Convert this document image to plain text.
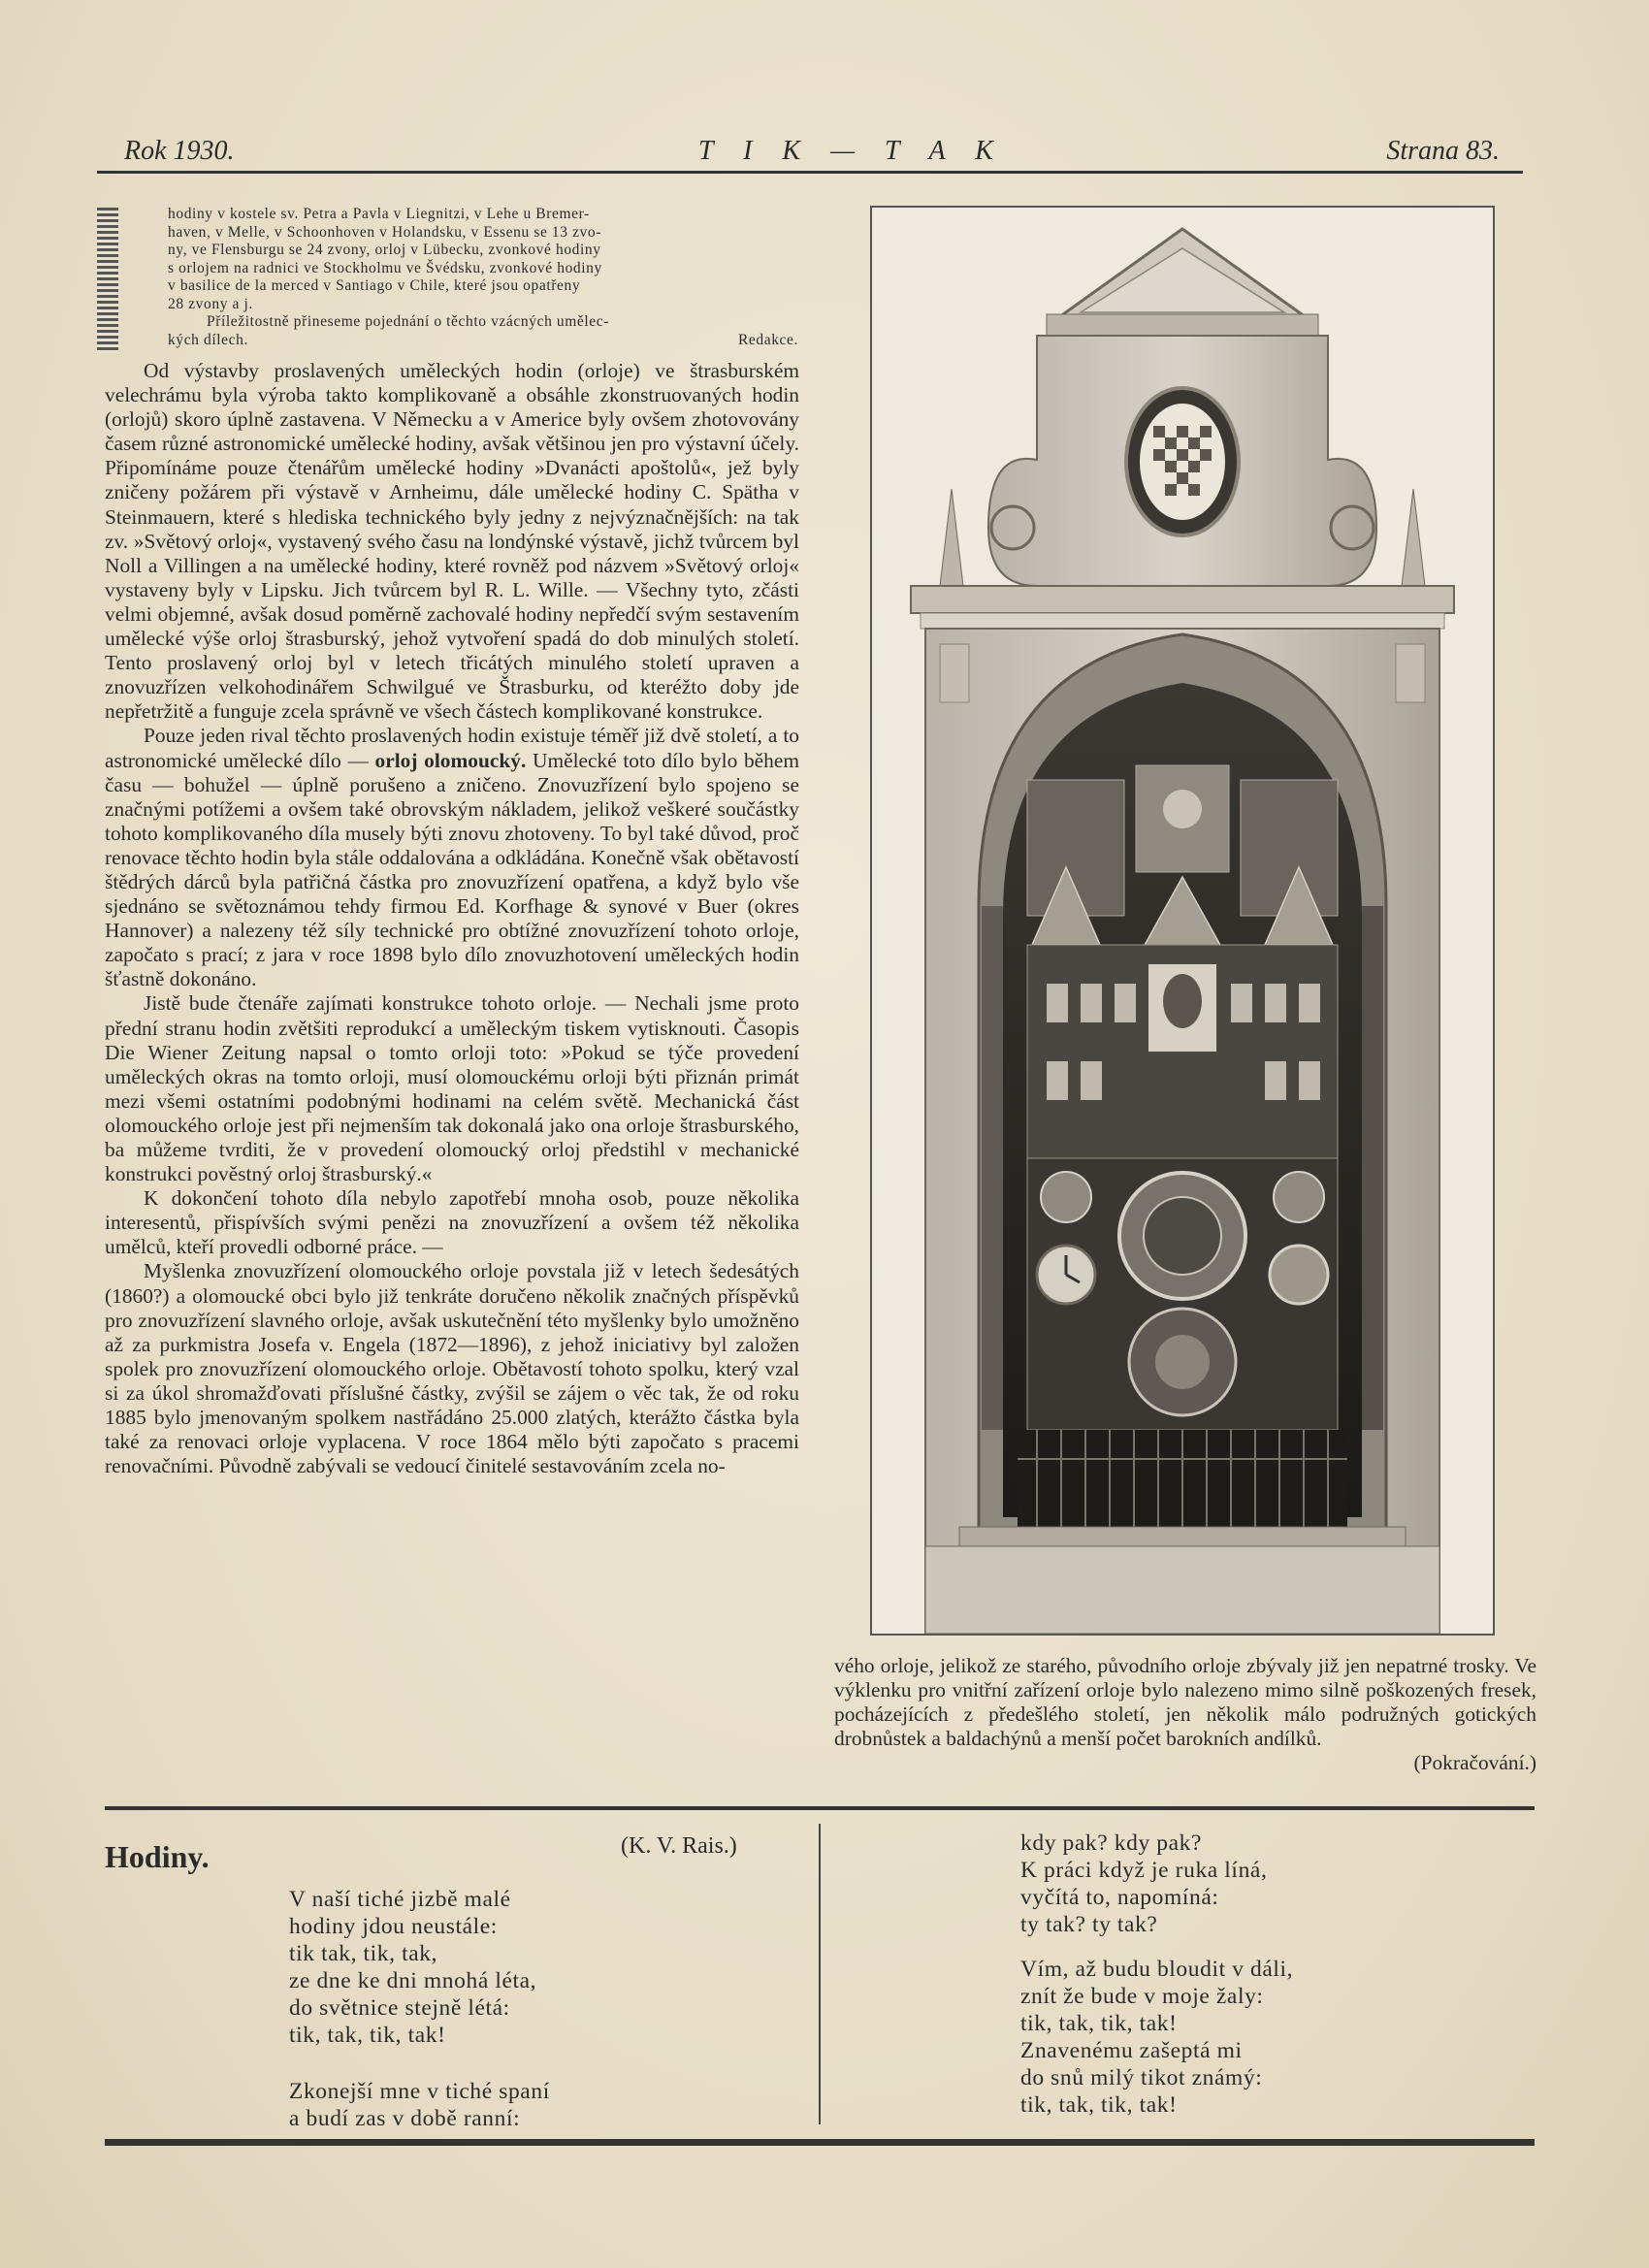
Rok 1930.	T I K — T A K	Strana 83.

hodiny v kostele sv. Petra a Pavla v Liegnitzi, v Lehe u Bremer-

haven, v Melle, v Schoonhoven v Holandsku, v Essenu se 13 zvo-

ny, ve Flensburgu se 24 zvony, orloj v Lübecku, zvonkové hodiny

s orlojem na radnici ve Stockholmu ve Švédsku, zvonkové hodiny

v basilice de la merced v Santiago v Chile, které jsou opatřeny

28 zvony a j.

Příležitostně přineseme pojednání o těchto vzácných umělec-

kých dílech.	Redakce.

Od výstavby proslavených uměleckých hodin (orloje) ve štrasburském velechrámu byla výroba takto komplikovaně a obsáhle zkonstruovaných hodin (orlojů) skoro úplně zastavena. V Německu a v Americe byly ovšem zhotovovány časem různé astronomické umělecké hodiny, avšak většinou jen pro výstavní účely. Připomínáme pouze čtenářům umělecké hodiny »Dvanácti apoštolů«, jež byly zničeny požárem při výstavě v Arnheimu, dále umělecké hodiny C. Spätha v Steinmauern, které s hlediska technického byly jedny z nejvýznačnějších: na tak zv. »Světový orloj«, vystavený svého času na londýnské výstavě, jichž tvůrcem byl Noll a Villingen a na umělecké hodiny, které rovněž pod názvem »Světový orloj« vystaveny byly v Lipsku. Jich tvůrcem byl R. L. Wille. — Všechny tyto, zčásti velmi objemné, avšak dosud poměrně zachovalé hodiny nepředčí svým sestavením umělecké výše orloj štrasburský, jehož vytvoření spadá do dob minulých století. Tento proslavený orloj byl v letech třicátých minulého století upraven a znovuzřízen velkohodinářem Schwilgué ve Štrasburku, od kteréžto doby jde nepřetržitě a funguje zcela správně ve všech částech komplikované konstrukce.

Pouze jeden rival těchto proslavených hodin existuje téměř již dvě století, a to astronomické umělecké dílo — orloj olomoucký. Umělecké toto dílo bylo během času — bohužel — úplně porušeno a zničeno. Znovuzřízení bylo spojeno se značnými potížemi a ovšem také obrovským nákladem, jelikož veškeré součástky tohoto komplikovaného díla musely býti znovu zhotoveny. To byl také důvod, proč renovace těchto hodin byla stále oddalována a odkládána. Konečně však obětavostí štědrých dárců byla patřičná částka pro znovuzřízení opatřena, a když bylo vše sjednáno se světoznámou tehdy firmou Ed. Korfhage & synové v Buer (okres Hannover) a nalezeny též síly technické pro obtížné znovuzřízení tohoto orloje, započato s prací; z jara v roce 1898 bylo dílo znovuzhotovení uměleckých hodin šťastně dokonáno.

Jistě bude čtenáře zajímati konstrukce tohoto orloje. — Nechali jsme proto přední stranu hodin zvětšiti reprodukcí a uměleckým tiskem vytisknouti. Časopis Die Wiener Zeitung napsal o tomto orloji toto: »Pokud se týče provedení uměleckých okras na tomto orloji, musí olomouckému orloji býti přiznán primát mezi všemi ostatními podobnými hodinami na celém světě. Mechanická část olomouckého orloje jest při nejmenším tak dokonalá jako ona orloje štrasburského, ba můžeme tvrditi, že v provedení olomoucký orloj předstihl v mechanické konstrukci pověstný orloj štrasburský.«

K dokončení tohoto díla nebylo zapotřebí mnoha osob, pouze několika interesentů, přispívších svými penězi na znovuzřízení a ovšem též několika umělců, kteří provedli odborné práce. —

Myšlenka znovuzřízení olomouckého orloje povstala již v letech šedesátých (1860?) a olomoucké obci bylo již tenkráte doručeno několik značných příspěvků pro znovuzřízení slavného orloje, avšak uskutečnění této myšlenky bylo umožněno až za purkmistra Josefa v. Engela (1872—1896), z jehož iniciativy byl založen spolek pro znovuzřízení olomouckého orloje. Obětavostí tohoto spolku, který vzal si za úkol shromažďovati příslušné částky, zvýšil se zájem o věc tak, že od roku 1885 bylo jmenovaným spolkem nastřádáno 25.000 zlatých, kterážto částka byla také za renovaci orloje vyplacena. V roce 1864 mělo býti započato s pracemi renovačními. Původně zabývali se vedoucí činitelé sestavováním zcela no-

vého orloje, jelikož ze starého, původního orloje zbývaly již jen nepatrné trosky. Ve výklenku pro vnitřní zařízení orloje bylo nalezeno mimo silně poškozených fresek, pocházejících z předešlého století, jen několik málo podružných gotických drobnůstek a baldachýnů a menší počet barokních andílků.

(Pokračování.)

Hodiny.	(K. V. Rais.)
V naší tiché jizbě malé
hodiny jdou neustále:
tik tak, tik, tak,
ze dne ke dni mnohá léta,
do světnice stejně létá:
tik, tak, tik, tak!
Zkonejší mne v tiché spaní
a budí zas v době ranní:
kdy pak? kdy pak?
K práci když je ruka líná,
vyčítá to, napomíná:
ty tak? ty tak?
Vím, až budu bloudit v dáli,
znít že bude v moje žaly:
tik, tak, tik, tak!
Znavenému zašeptá mi
do snů milý tikot známý:
tik, tak, tik, tak!
